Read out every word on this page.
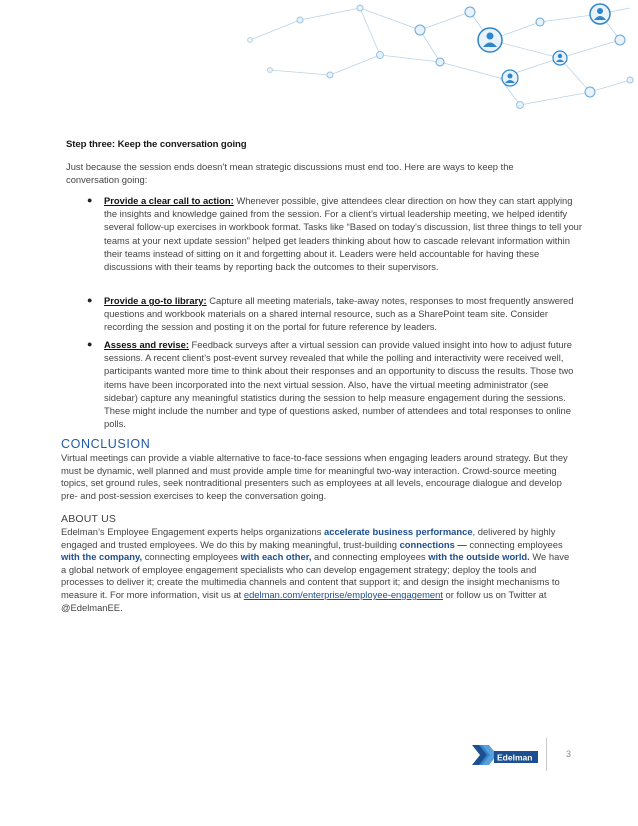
Step three: Keep the conversation going
Just because the session ends doesn’t mean strategic discussions must end too. Here are ways to keep the conversation going:
● Provide a clear call to action: Whenever possible, give attendees clear direction on how they can start applying the insights and knowledge gained from the session. For a client’s virtual leadership meeting, we helped identify several follow-up exercises in workbook format. Tasks like “Based on today’s discussion, list three things to tell your teams at your next update session” helped get leaders thinking about how to cascade relevant information within their teams instead of sitting on it and forgetting about it. Leaders were held accountable for having these discussions with their teams by reporting back the outcomes to their supervisors.
● Provide a go-to library: Capture all meeting materials, take-away notes, responses to most frequently answered questions and workbook materials on a shared internal resource, such as a SharePoint team site. Consider recording the session and posting it on the portal for future reference by leaders.
● Assess and revise: Feedback surveys after a virtual session can provide valued insight into how to adjust future sessions. A recent client’s post-event survey revealed that while the polling and interactivity were received well, participants wanted more time to think about their responses and an opportunity to discuss the results. Those two items have been incorporated into the next virtual session. Also, have the virtual meeting administrator (see sidebar) capture any meaningful statistics during the session to help measure engagement during the sessions. These might include the number and type of questions asked, number of attendees and total responses to online polls.
CONCLUSION
Virtual meetings can provide a viable alternative to face-to-face sessions when engaging leaders around strategy. But they must be dynamic, well planned and must provide ample time for meaningful two-way interaction. Crowd-source meeting topics, set ground rules, seek nontraditional presenters such as employees at all levels, encourage dialogue and develop pre- and post-session exercises to keep the conversation going.
ABOUT US
Edelman’s Employee Engagement experts helps organizations accelerate business performance, delivered by highly engaged and trusted employees. We do this by making meaningful, trust-building connections — connecting employees with the company, connecting employees with each other, and connecting employees with the outside world. We have a global network of employee engagement specialists who can develop engagement strategy; deploy the tools and processes to deliver it; create the multimedia channels and content that support it; and design the insight mechanisms to measure it. For more information, visit us at edelman.com/enterprise/employee-engagement or follow us on Twitter at @EdelmanEE.
Edelman	3
